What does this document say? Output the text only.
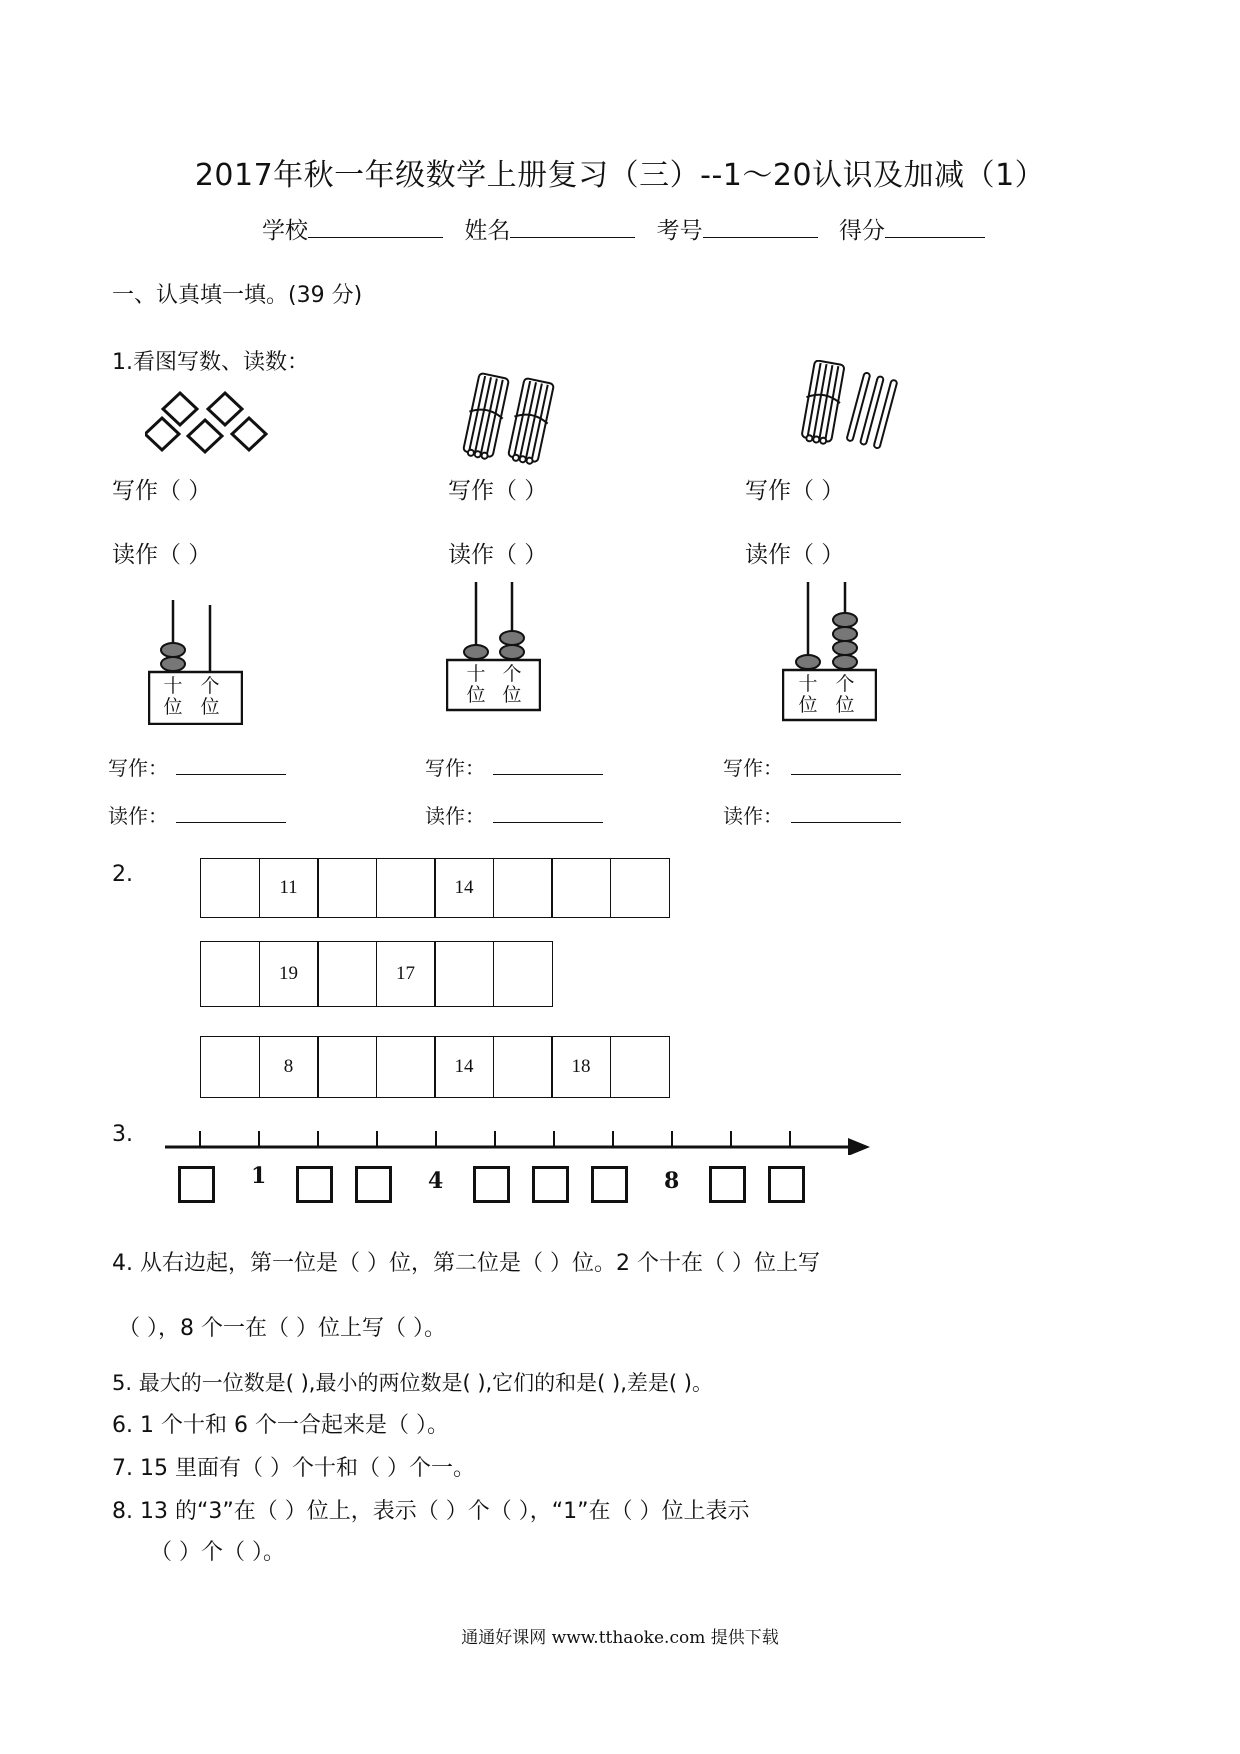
2017年秋一年级数学上册复习（三）--1～20认识及加减（1）
学校	姓名	考号	得分
一、认真填一填。(39 分)
1.看图写数、读数：
写作（ ）	写作（ ）	写作（ ）
读作（ ）	读作（ ）	读作（ ）
十位
个位
十位
个位	十位
个位
写作：	写作：	写作：
读作：	读作：	读作：
2.
11	14
19	17
8	14	18
3.
1	4	8
4. 从右边起，第一位是（ ）位，第二位是（ ）位。2 个十在（ ）位上写
（ ），8 个一在（ ）位上写（ ）。
5. 最大的一位数是( ),最小的两位数是( ),它们的和是( ),差是( )。
6. 1 个十和 6 个一合起来是（ ）。
7. 15 里面有（ ）个十和（ ）个一。
8. 13 的“3”在（ ）位上，表示（ ）个（ ），“1”在（ ）位上表示
（ ）个（ ）。
通通好课网 www.tthaoke.com 提供下载
